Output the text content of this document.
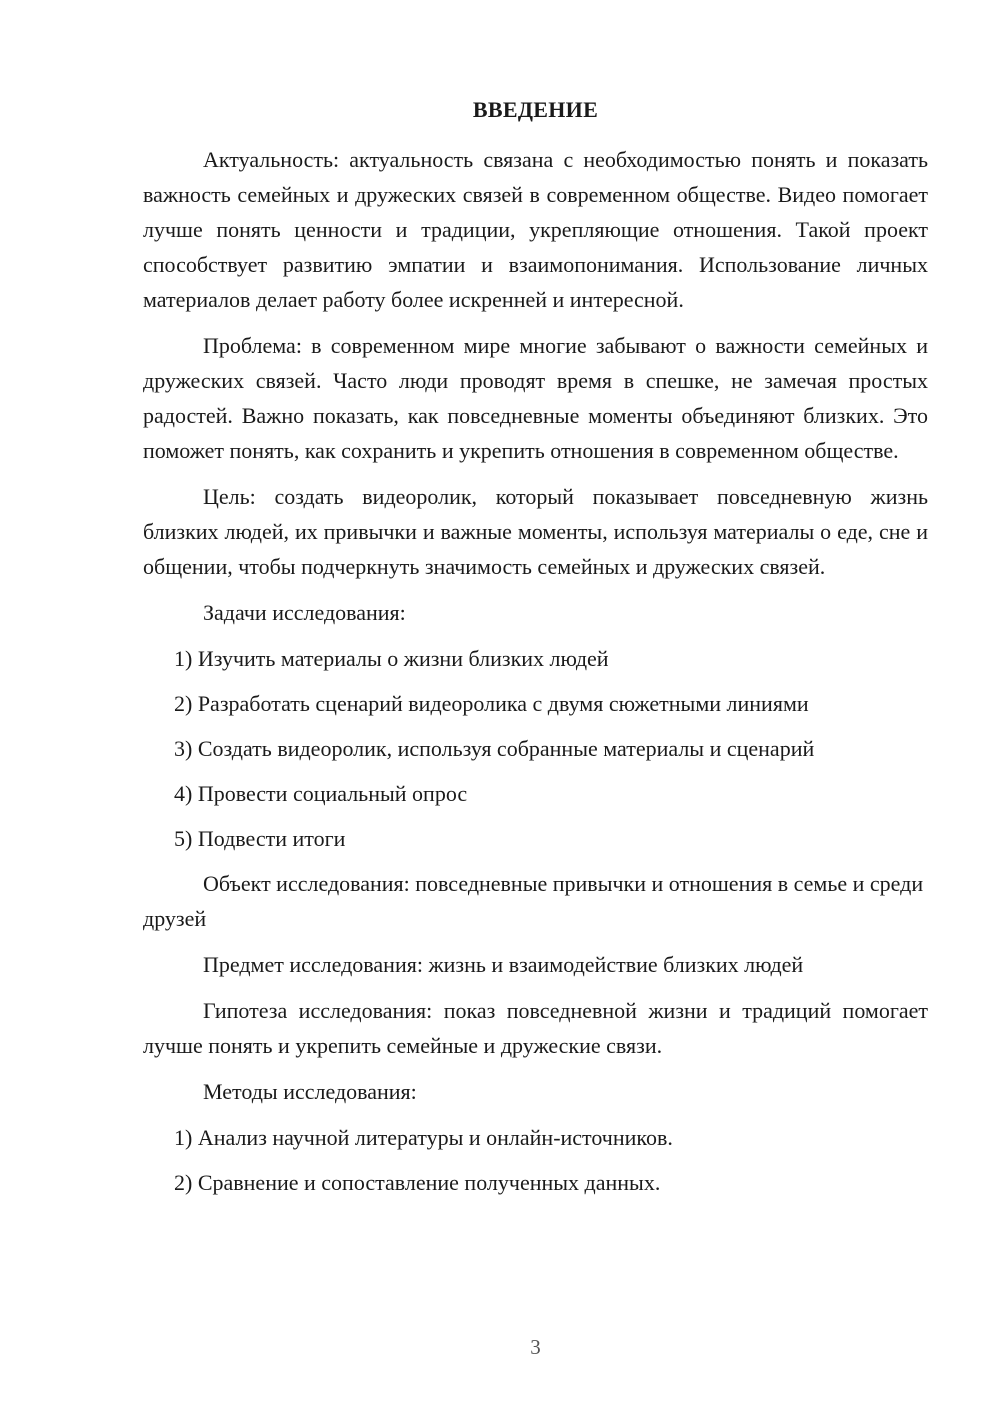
ВВЕДЕНИЕ

Актуальность: актуальность связана с необходимостью понять и показать важность семейных и дружеских связей в современном обществе. Видео помогает лучше понять ценности и традиции, укрепляющие отношения. Такой проект способствует развитию эмпатии и взаимопонимания. Использование личных материалов делает работу более искренней и интересной.

Проблема: в современном мире многие забывают о важности семейных и дружеских связей. Часто люди проводят время в спешке, не замечая простых радостей. Важно показать, как повседневные моменты объединяют близких. Это поможет понять, как сохранить и укрепить отношения в современном обществе.

Цель: создать видеоролик, который показывает повседневную жизнь близких людей, их привычки и важные моменты, используя материалы о еде, сне и общении, чтобы подчеркнуть значимость семейных и дружеских связей.

Задачи исследования:

1) Изучить материалы о жизни близких людей
2) Разработать сценарий видеоролика с двумя сюжетными линиями
3) Создать видеоролик, используя собранные материалы и сценарий
4) Провести социальный опрос
5) Подвести итоги

Объект исследования: повседневные привычки и отношения в семье и среди друзей

Предмет исследования: жизнь и взаимодействие близких людей

Гипотеза исследования: показ повседневной жизни и традиций помогает лучше понять и укрепить семейные и дружеские связи.

Методы исследования:

1) Анализ научной литературы и онлайн-источников.
2) Сравнение и сопоставление полученных данных.
3
